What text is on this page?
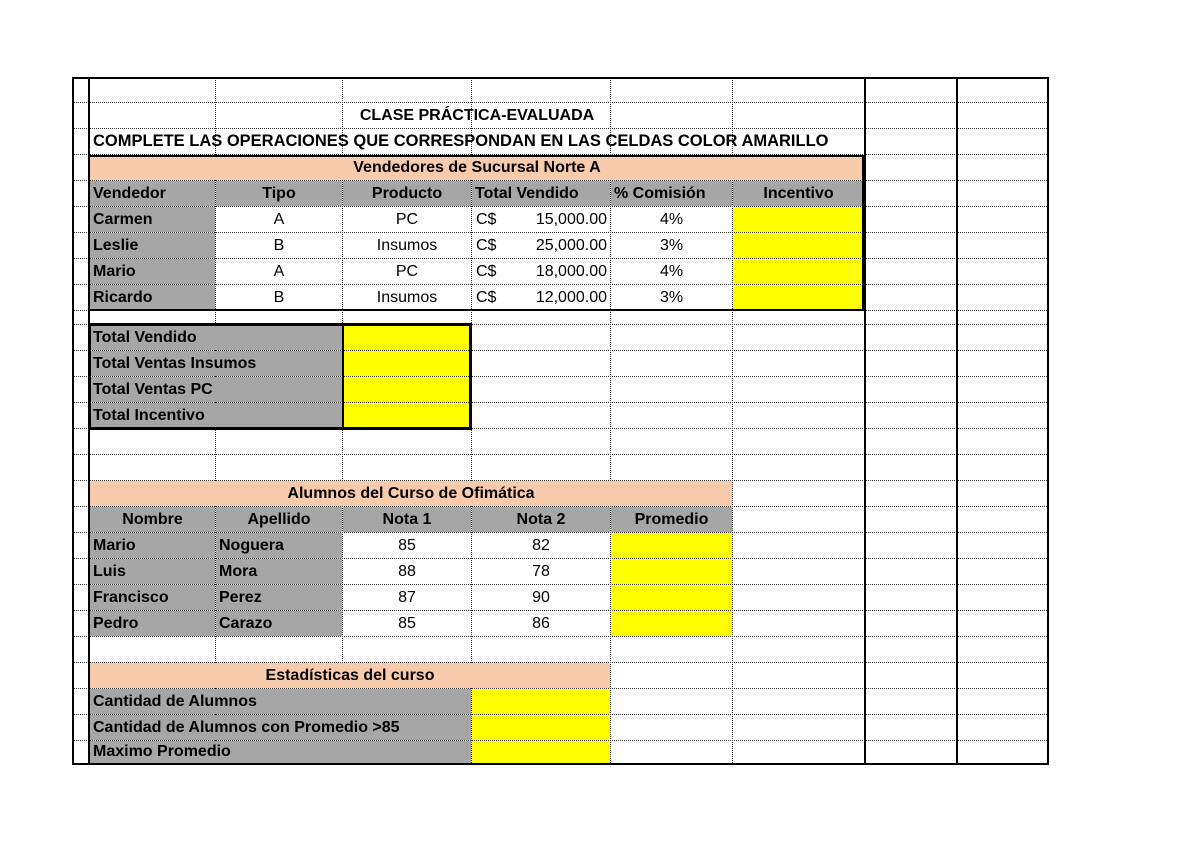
CLASE PRÁCTICA-EVALUADA
COMPLETE LAS OPERACIONES QUE CORRESPONDAN EN LAS CELDAS COLOR AMARILLO
Vendedores de Sucursal Norte A
Vendedor	Tipo	Producto	Total Vendido	% Comisión	Incentivo
Carmen	A	PC	C$ 15,000.00	4%
Leslie	B	Insumos	C$ 25,000.00	3%
Mario	A	PC	C$ 18,000.00	4%
Ricardo	B	Insumos	C$ 12,000.00	3%
Total Vendido
Total Ventas Insumos
Total Ventas PC
Total Incentivo
Alumnos del Curso de Ofimática
Nombre	Apellido	Nota 1	Nota 2	Promedio
Mario	Noguera	85	82
Luis	Mora	88	78
Francisco	Perez	87	90
Pedro	Carazo	85	86
Estadísticas del curso
Cantidad de Alumnos
Cantidad de Alumnos con Promedio >85
Maximo Promedio
